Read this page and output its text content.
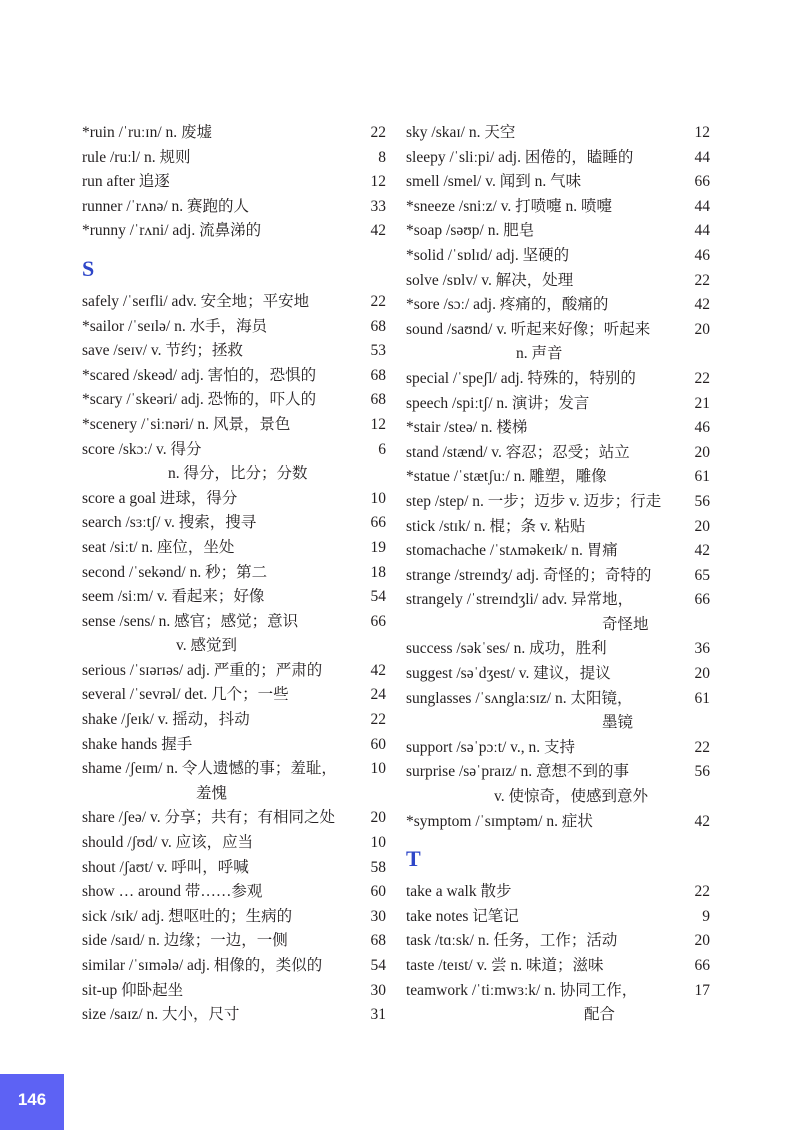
*ruin /ˈruːɪn/ n. 废墟	22
rule /ruːl/ n. 规则	8
run after 追逐	12
runner /ˈrʌnə/ n. 赛跑的人	33
*runny /ˈrʌni/ adj. 流鼻涕的	42
S
safely /ˈseɪfli/ adv. 安全地；平安地	22
*sailor /ˈseɪlə/ n. 水手，海员	68
save /seɪv/ v. 节约；拯救	53
*scared /skeəd/ adj. 害怕的，恐惧的	68
*scary /ˈskeəri/ adj. 恐怖的，吓人的	68
*scenery /ˈsiːnəri/ n. 风景，景色	12
score /skɔː/ v. 得分	6
n. 得分，比分；分数
score a goal 进球，得分	10
search /sɜːtʃ/ v. 搜索，搜寻	66
seat /siːt/ n. 座位，坐处	19
second /ˈsekənd/ n. 秒；第二	18
seem /siːm/ v. 看起来；好像	54
sense /sens/ n. 感官；感觉；意识	66
v. 感觉到
serious /ˈsɪərɪəs/ adj. 严重的；严肃的	42
several /ˈsevrəl/ det. 几个；一些	24
shake /ʃeɪk/ v. 摇动，抖动	22
shake hands 握手	60
shame /ʃeɪm/ n. 令人遗憾的事；羞耻，	10
羞愧
share /ʃeə/ v. 分享；共有；有相同之处	20
should /ʃʊd/ v. 应该，应当	10
shout /ʃaʊt/ v. 呼叫，呼喊	58
show … around 带……参观	60
sick /sɪk/ adj. 想呕吐的；生病的	30
side /saɪd/ n. 边缘；一边，一侧	68
similar /ˈsɪmələ/ adj. 相像的，类似的	54
sit-up 仰卧起坐	30
size /saɪz/ n. 大小，尺寸	31
sky /skaɪ/ n. 天空	12
sleepy /ˈsliːpi/ adj. 困倦的，瞌睡的	44
smell /smel/ v. 闻到 n. 气味	66
*sneeze /sniːz/ v. 打喷嚏 n. 喷嚏	44
*soap /səʊp/ n. 肥皂	44
*solid /ˈsɒlɪd/ adj. 坚硬的	46
solve /sɒlv/ v. 解决，处理	22
*sore /sɔː/ adj. 疼痛的，酸痛的	42
sound /saʊnd/ v. 听起来好像；听起来	20
n. 声音
special /ˈspeʃl/ adj. 特殊的，特别的	22
speech /spiːtʃ/ n. 演讲；发言	21
*stair /steə/ n. 楼梯	46
stand /stænd/ v. 容忍；忍受；站立	20
*statue /ˈstætʃuː/ n. 雕塑，雕像	61
step /step/ n. 一步；迈步 v. 迈步；行走	56
stick /stɪk/ n. 棍；条 v. 粘贴	20
stomachache /ˈstʌməkeɪk/ n. 胃痛	42
strange /streɪndʒ/ adj. 奇怪的；奇特的	65
strangely /ˈstreɪndʒli/ adv. 异常地，	66
奇怪地
success /səkˈses/ n. 成功，胜利	36
suggest /səˈdʒest/ v. 建议，提议	20
sunglasses /ˈsʌnglaːsɪz/ n. 太阳镜，	61
墨镜
support /səˈpɔːt/ v., n. 支持	22
surprise /səˈpraɪz/ n. 意想不到的事	56
v. 使惊奇，使感到意外
*symptom /ˈsɪmptəm/ n. 症状	42
T
take a walk 散步	22
take notes 记笔记	9
task /tɑːsk/ n. 任务，工作；活动	20
taste /teɪst/ v. 尝 n. 味道；滋味	66
teamwork /ˈtiːmwɜːk/ n. 协同工作，	17
配合
146
